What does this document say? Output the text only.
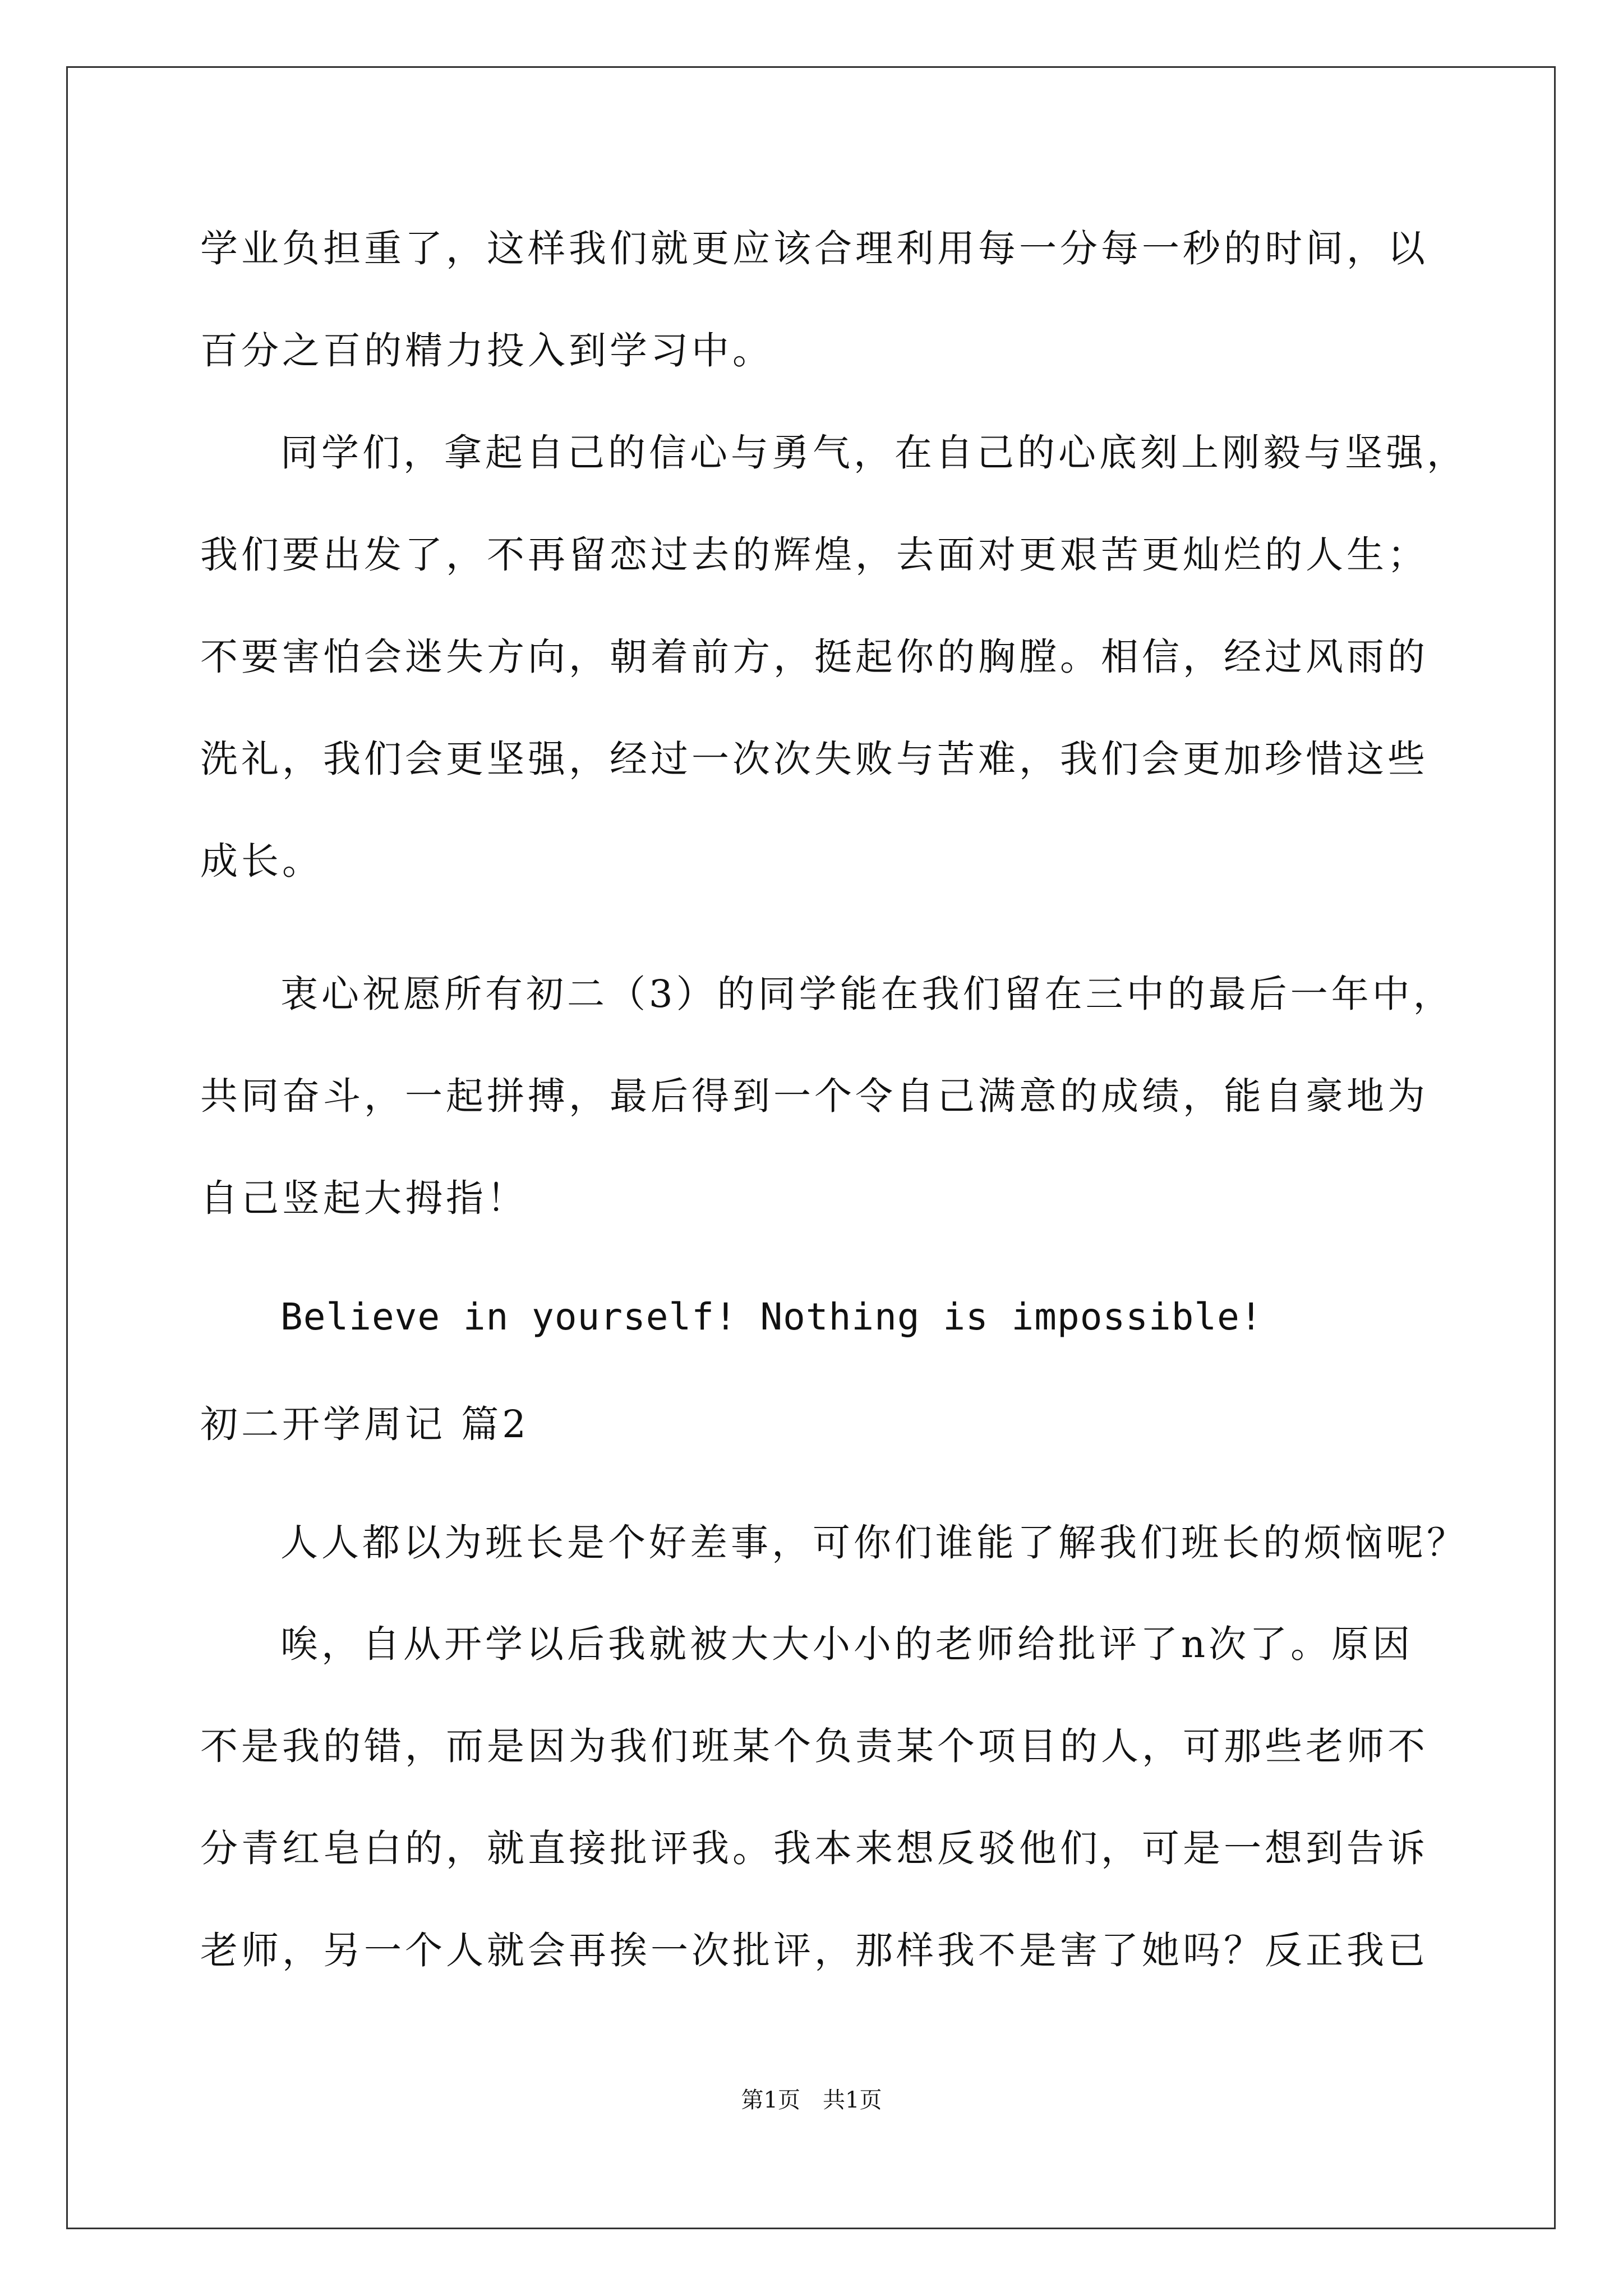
学业负担重了，这样我们就更应该合理利用每一分每一秒的时间，以
百分之百的精力投入到学习中。
同学们，拿起自己的信心与勇气，在自己的心底刻上刚毅与坚强，
我们要出发了，不再留恋过去的辉煌，去面对更艰苦更灿烂的人生；
不要害怕会迷失方向，朝着前方，挺起你的胸膛。相信，经过风雨的
洗礼，我们会更坚强，经过一次次失败与苦难，我们会更加珍惜这些
成长。
衷心祝愿所有初二（3）的同学能在我们留在三中的最后一年中，
共同奋斗，一起拼搏，最后得到一个令自己满意的成绩，能自豪地为
自己竖起大拇指！
Believe in yourself! Nothing is impossible!
初二开学周记 篇2
人人都以为班长是个好差事，可你们谁能了解我们班长的烦恼呢？
唉，自从开学以后我就被大大小小的老师给批评了n次了。原因
不是我的错，而是因为我们班某个负责某个项目的人，可那些老师不
分青红皂白的，就直接批评我。我本来想反驳他们，可是一想到告诉
老师，另一个人就会再挨一次批评，那样我不是害了她吗？反正我已
第1页　共1页
